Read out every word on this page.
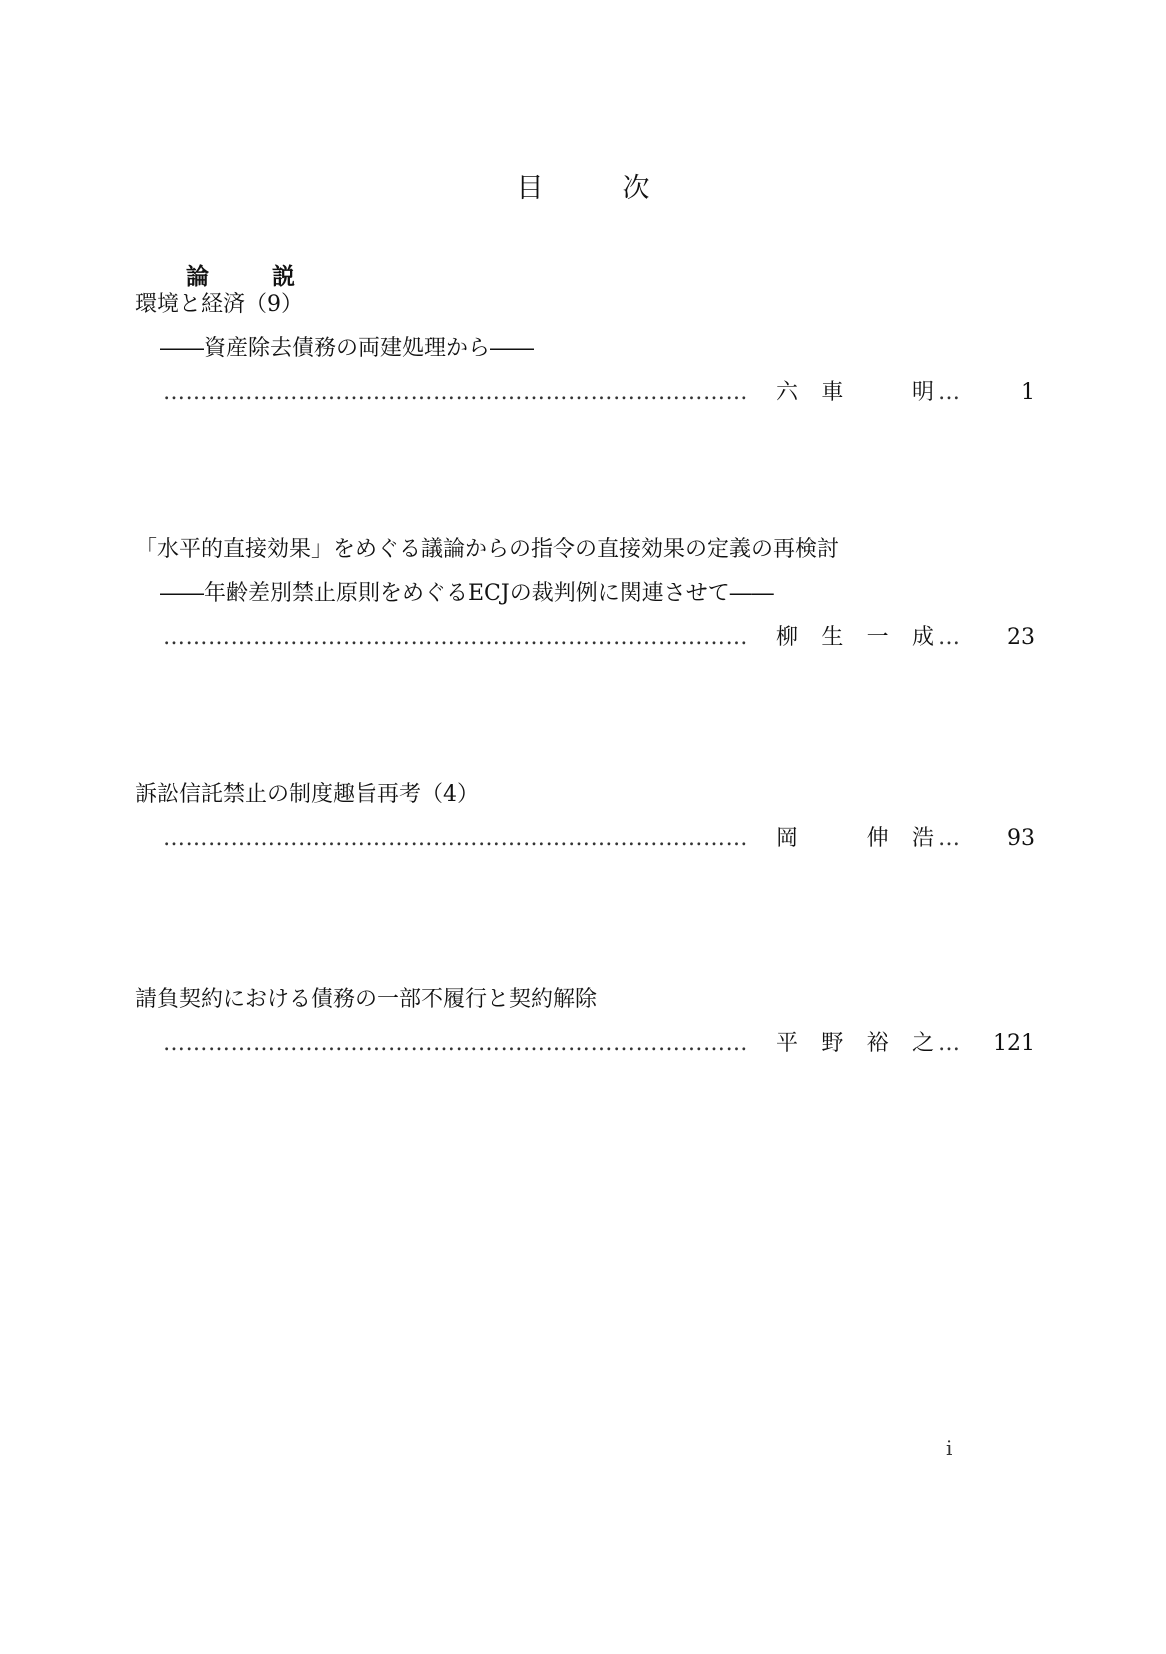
目　次
論　説
環境と経済（9）
――資産除去債務の両建処理から――
……………………………………………………………………	六 車	明 …	1
「水平的直接効果」をめぐる議論からの指令の直接効果の定義の再検討
――年齢差別禁止原則をめぐるECJの裁判例に関連させて――
……………………………………………………………………	柳 生 一 成 …	23
訴訟信託禁止の制度趣旨再考（4）
……………………………………………………………………	岡	伸 浩 …	93
請負契約における債務の一部不履行と契約解除
……………………………………………………………………	平 野 裕 之 …	121
i
